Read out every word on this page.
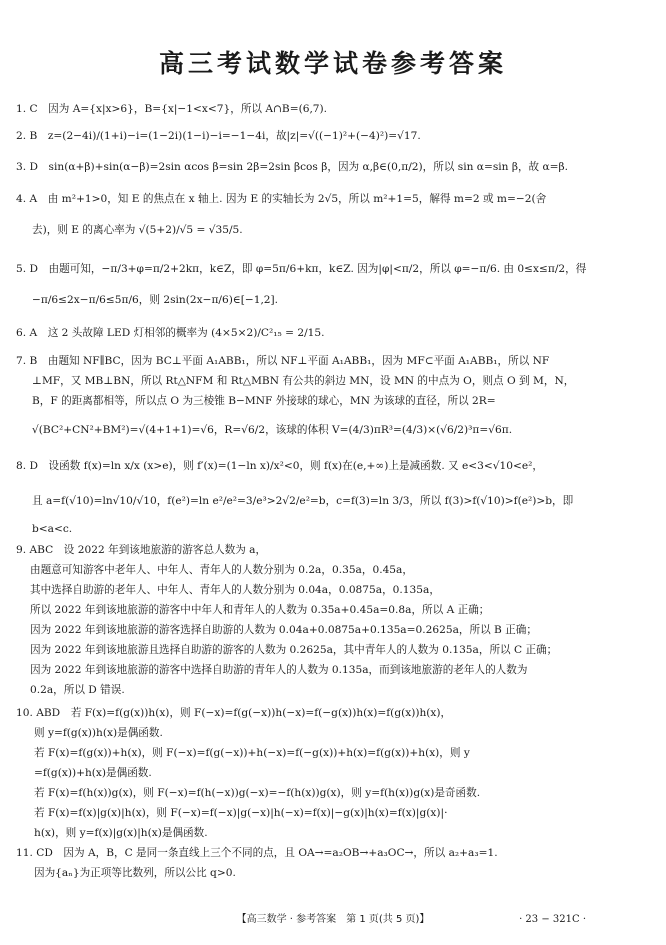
高三考试数学试卷参考答案
1. C　因为 A={x|x>6}，B={x|−1<x<7}，所以 A∩B=(6,7).
2. B　z=(2−4i)/(1+i)−i=(1−2i)(1−i)−i=−1−4i，故|z|=√((−1)²+(−4)²)=√17.
3. D　sin(α+β)+sin(α−β)=2sin αcos β=sin 2β=2sin βcos β，因为 α,β∈(0,π/2)，所以 sin α=sin β，故 α=β.
4. A　由 m²+1>0，知 E 的焦点在 x 轴上. 因为 E 的实轴长为 2√5，所以 m²+1=5，解得 m=2 或 m=−2(舍
去)，则 E 的离心率为 √(5+2)/√5 = √35/5.
5. D　由题可知，−π/3+φ=π/2+2kπ，k∈Z，即 φ=5π/6+kπ，k∈Z. 因为|φ|<π/2，所以 φ=−π/6. 由 0≤x≤π/2，得
−π/6≤2x−π/6≤5π/6，则 2sin(2x−π/6)∈[−1,2].
6. A　这 2 头故障 LED 灯相邻的概率为 (4×5×2)/C²₁₅ = 2/15.
7. B　由题知 NF∥BC，因为 BC⊥平面 A₁ABB₁，所以 NF⊥平面 A₁ABB₁，因为 MF⊂平面 A₁ABB₁，所以 NF
⊥MF，又 MB⊥BN，所以 Rt△NFM 和 Rt△MBN 有公共的斜边 MN，设 MN 的中点为 O，则点 O 到 M，N，
B，F 的距离都相等，所以点 O 为三棱锥 B−MNF 外接球的球心，MN 为该球的直径，所以 2R=
√(BC²+CN²+BM²)=√(4+1+1)=√6，R=√6/2，该球的体积 V=(4/3)πR³=(4/3)×(√6/2)³π=√6π.
8. D　设函数 f(x)=ln x/x (x>e)，则 f′(x)=(1−ln x)/x²<0，则 f(x)在(e,+∞)上是减函数. 又 e<3<√10<e²，
且 a=f(√10)=ln√10/√10，f(e²)=ln e²/e²=3/e³>2√2/e²=b，c=f(3)=ln 3/3，所以 f(3)>f(√10)>f(e²)>b，即
b<a<c.
9. ABC　设 2022 年到该地旅游的游客总人数为 a，
由题意可知游客中老年人、中年人、青年人的人数分别为 0.2a，0.35a，0.45a，
其中选择自助游的老年人、中年人、青年人的人数分别为 0.04a，0.0875a，0.135a，
所以 2022 年到该地旅游的游客中中年人和青年人的人数为 0.35a+0.45a=0.8a，所以 A 正确；
因为 2022 年到该地旅游的游客选择自助游的人数为 0.04a+0.0875a+0.135a=0.2625a，所以 B 正确；
因为 2022 年到该地旅游且选择自助游的游客的人数为 0.2625a，其中青年人的人数为 0.135a，所以 C 正确；
因为 2022 年到该地旅游的游客中选择自助游的青年人的人数为 0.135a，而到该地旅游的老年人的人数为
0.2a，所以 D 错误.
10. ABD　若 F(x)=f(g(x))h(x)，则 F(−x)=f(g(−x))h(−x)=f(−g(x))h(x)=f(g(x))h(x)，
则 y=f(g(x))h(x)是偶函数.
若 F(x)=f(g(x))+h(x)，则 F(−x)=f(g(−x))+h(−x)=f(−g(x))+h(x)=f(g(x))+h(x)，则 y
=f(g(x))+h(x)是偶函数.
若 F(x)=f(h(x))g(x)，则 F(−x)=f(h(−x))g(−x)=−f(h(x))g(x)，则 y=f(h(x))g(x)是奇函数.
若 F(x)=f(x)|g(x)|h(x)，则 F(−x)=f(−x)|g(−x)|h(−x)=f(x)|−g(x)|h(x)=f(x)|g(x)|·
h(x)，则 y=f(x)|g(x)|h(x)是偶函数.
11. CD　因为 A，B，C 是同一条直线上三个不同的点，且 OA→=a₂OB→+a₃OC→，所以 a₂+a₃=1.
因为{aₙ}为正项等比数列，所以公比 q>0.
【高三数学 · 参考答案　第 1 页(共 5 页)】	· 23 − 321C ·
